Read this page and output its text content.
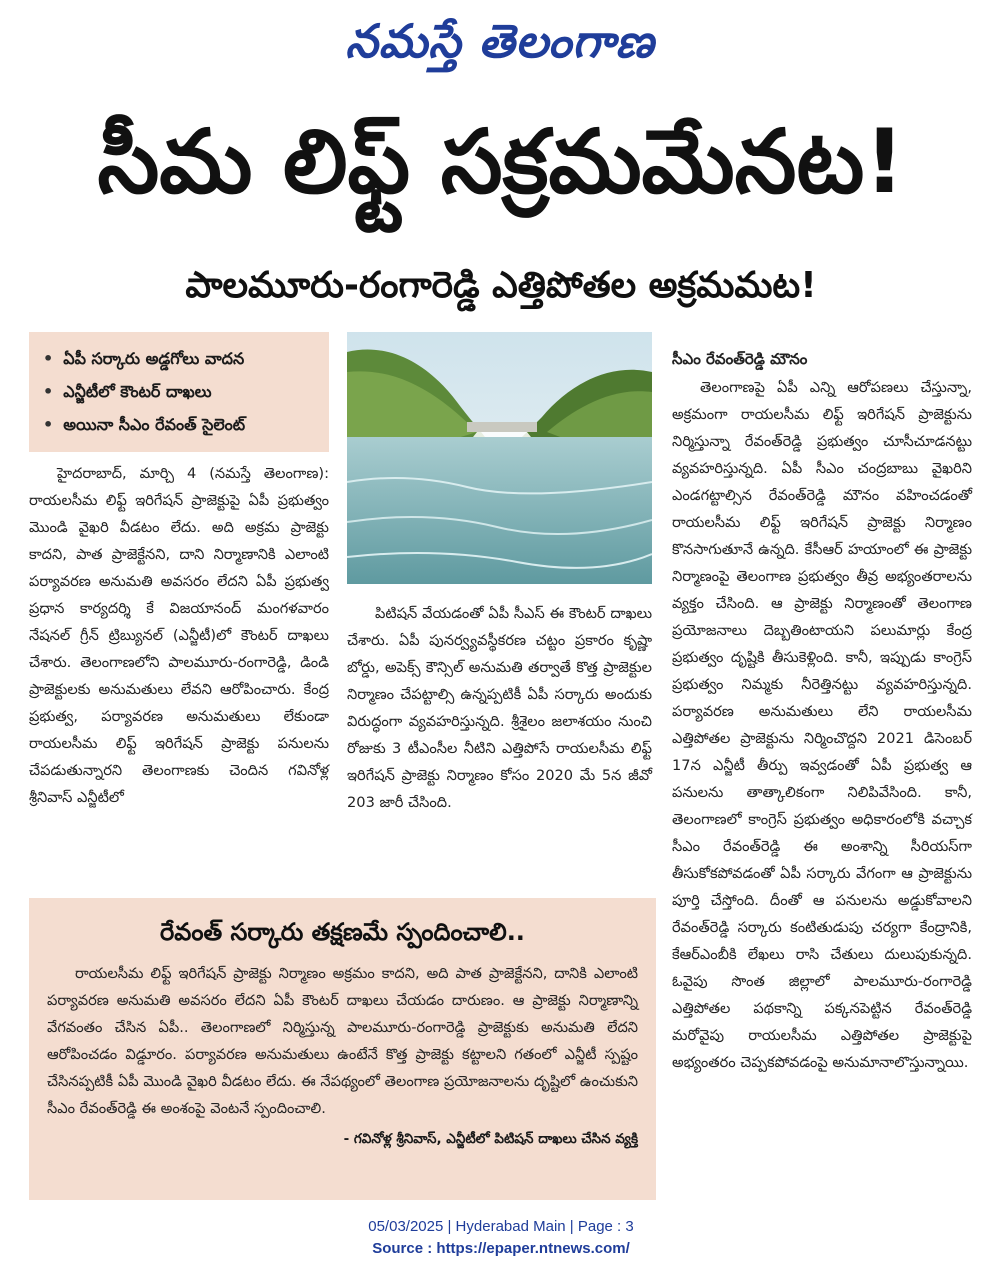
నమస్తే తెలంగాణ
సీమ లిఫ్ట్ సక్రమమేనట!
పాలమూరు-రంగారెడ్డి ఎత్తిపోతల అక్రమమట!
• ఏపీ సర్కారు అడ్డగోలు వాదన
• ఎన్జీటీలో కౌంటర్ దాఖలు
• అయినా సీఎం రేవంత్ సైలెంట్

హైదరాబాద్, మార్చి 4 (నమస్తే తెలంగాణ): రాయలసీమ లిఫ్ట్ ఇరిగేషన్ ప్రాజెక్టుపై ఏపీ ప్రభుత్వం మొండి వైఖరి వీడటం లేదు. అది అక్రమ ప్రాజెక్టు కాదని, పాత ప్రాజెక్టేనని, దాని నిర్మాణానికి ఎలాంటి పర్యావరణ అనుమతి అవసరం లేదని ఏపీ ప్రభుత్వ ప్రధాన కార్యదర్శి కే విజయానంద్ మంగళవారం నేషనల్ గ్రీన్ ట్రిబ్యునల్ (ఎన్జీటీ)లో కౌంటర్ దాఖలు చేశారు. తెలంగాణలోని పాలమూరు-రంగారెడ్డి, డిండి ప్రాజెక్టులకు అనుమతులు లేవని ఆరోపించారు. కేంద్ర ప్రభుత్వ, పర్యావరణ అనుమతులు లేకుండా రాయలసీమ లిఫ్ట్ ఇరిగేషన్ ప్రాజెక్టు పనులను చేపడుతున్నారని తెలంగాణకు చెందిన గవినోళ్ల శ్రీనివాస్ ఎన్జీటీలో

పిటిషన్ వేయడంతో ఏపీ సీఎస్ ఈ కౌంటర్ దాఖలు చేశారు. ఏపీ పునర్వ్యవస్థీకరణ చట్టం ప్రకారం కృష్ణా బోర్డు, అపెక్స్ కౌన్సిల్ అనుమతి తర్వాతే కొత్త ప్రాజెక్టుల నిర్మాణం చేపట్టాల్సి ఉన్నప్పటికీ ఏపీ సర్కారు అందుకు విరుద్ధంగా వ్యవహరిస్తున్నది. శ్రీశైలం జలాశయం నుంచి రోజుకు 3 టీఎంసీల నీటిని ఎత్తిపోసే రాయలసీమ లిఫ్ట్ ఇరిగేషన్ ప్రాజెక్టు నిర్మాణం కోసం 2020 మే 5న జీవో 203 జారీ చేసింది.

సీఎం రేవంత్‌రెడ్డి మౌనం

తెలంగాణపై ఏపీ ఎన్ని ఆరోపణలు చేస్తున్నా, అక్రమంగా రాయలసీమ లిఫ్ట్ ఇరిగేషన్ ప్రాజెక్టును నిర్మిస్తున్నా రేవంత్‌రెడ్డి ప్రభుత్వం చూసీచూడనట్టు వ్యవహరిస్తున్నది. ఏపీ సీఎం చంద్రబాబు వైఖరిని ఎండగట్టాల్సిన రేవంత్‌రెడ్డి మౌనం వహించడంతో రాయలసీమ లిఫ్ట్ ఇరిగేషన్ ప్రాజెక్టు నిర్మాణం కొనసాగుతూనే ఉన్నది. కేసీఆర్ హయాంలో ఈ ప్రాజెక్టు నిర్మాణంపై తెలంగాణ ప్రభుత్వం తీవ్ర అభ్యంతరాలను వ్యక్తం చేసింది. ఆ ప్రాజెక్టు నిర్మాణంతో తెలంగాణ ప్రయోజనాలు దెబ్బతింటాయని పలుమార్లు కేంద్ర ప్రభుత్వం దృష్టికి తీసుకెళ్లింది. కానీ, ఇప్పుడు కాంగ్రెస్ ప్రభుత్వం నిమ్మకు నీరెత్తినట్టు వ్యవహరిస్తున్నది. పర్యావరణ అనుమతులు లేని రాయలసీమ ఎత్తిపోతల ప్రాజెక్టును నిర్మించొద్దని 2021 డిసెంబర్ 17న ఎన్జీటీ తీర్పు ఇవ్వడంతో ఏపీ ప్రభుత్వ ఆ పనులను తాత్కాలికంగా నిలిపివేసింది. కానీ, తెలంగాణలో కాంగ్రెస్ ప్రభుత్వం అధికారంలోకి వచ్చాక సీఎం రేవంత్‌రెడ్డి ఈ అంశాన్ని సీరియస్‌గా తీసుకోకపోవడంతో ఏపీ సర్కారు వేగంగా ఆ ప్రాజెక్టును పూర్తి చేస్తోంది. దీంతో ఆ పనులను అడ్డుకోవాలని రేవంత్‌రెడ్డి సర్కారు కంటితుడుపు చర్యగా కేంద్రానికి, కేఆర్ఎంబీకి లేఖలు రాసి చేతులు దులుపుకున్నది. ఓవైపు సొంత జిల్లాలో పాలమూరు-రంగారెడ్డి ఎత్తిపోతల పథకాన్ని పక్కనపెట్టిన రేవంత్‌రెడ్డి మరోవైపు రాయలసీమ ఎత్తిపోతల ప్రాజెక్టుపై అభ్యంతరం చెప్పకపోవడంపై అనుమానాలొస్తున్నాయి.

రేవంత్ సర్కారు తక్షణమే స్పందించాలి..

రాయలసీమ లిఫ్ట్ ఇరిగేషన్ ప్రాజెక్టు నిర్మాణం అక్రమం కాదని, అది పాత ప్రాజెక్టేనని, దానికి ఎలాంటి పర్యావరణ అనుమతి అవసరం లేదని ఏపీ కౌంటర్ దాఖలు చేయడం దారుణం. ఆ ప్రాజెక్టు నిర్మాణాన్ని వేగవంతం చేసిన ఏపీ.. తెలంగాణలో నిర్మిస్తున్న పాలమూరు-రంగారెడ్డి ప్రాజెక్టుకు అనుమతి లేదని ఆరోపించడం విడ్డూరం. పర్యావరణ అనుమతులు ఉంటేనే కొత్త ప్రాజెక్టు కట్టాలని గతంలో ఎన్జీటీ స్పష్టం చేసినప్పటికీ ఏపీ మొండి వైఖరి వీడటం లేదు. ఈ నేపథ్యంలో తెలంగాణ ప్రయోజనాలను దృష్టిలో ఉంచుకుని సీఎం రేవంత్‌రెడ్డి ఈ అంశంపై వెంటనే స్పందించాలి.

- గవినోళ్ల శ్రీనివాస్, ఎన్జీటీలో పిటిషన్ దాఖలు చేసిన వ్యక్తి
05/03/2025 | Hyderabad Main | Page : 3
Source : https://epaper.ntnews.com/
